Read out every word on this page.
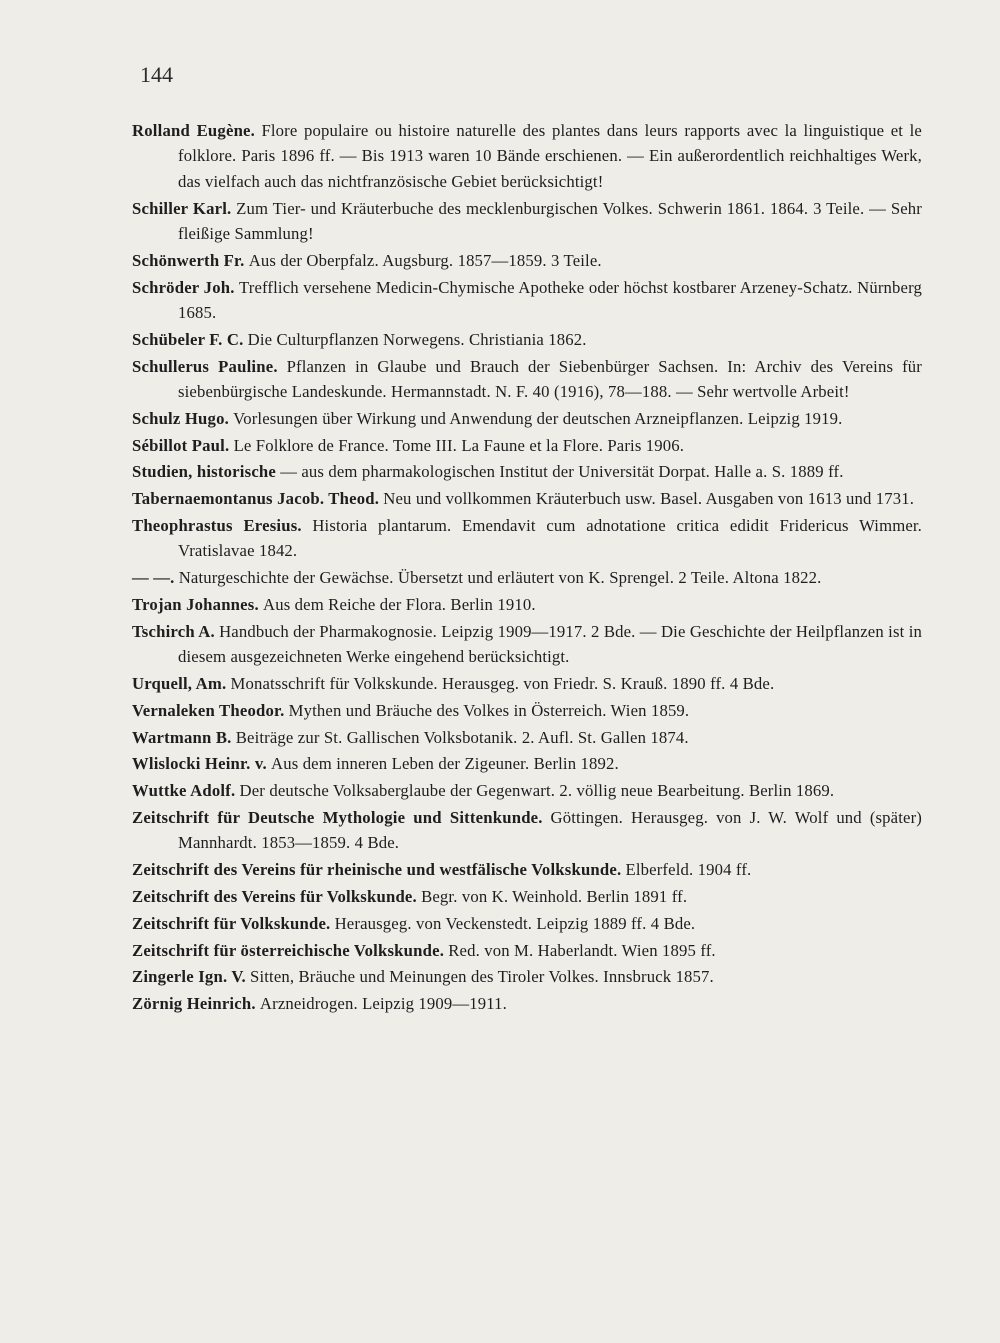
144

Rolland Eugène. Flore populaire ou histoire naturelle des plantes dans leurs rapports avec la linguistique et le folklore. Paris 1896 ff. — Bis 1913 waren 10 Bände erschienen. — Ein außerordentlich reichhaltiges Werk, das vielfach auch das nichtfranzösische Gebiet berücksichtigt!

Schiller Karl. Zum Tier- und Kräuterbuche des mecklenburgischen Volkes. Schwerin 1861. 1864. 3 Teile. — Sehr fleißige Sammlung!

Schönwerth Fr. Aus der Oberpfalz. Augsburg. 1857—1859. 3 Teile.

Schröder Joh. Trefflich versehene Medicin-Chymische Apotheke oder höchst kostbarer Arzeney-Schatz. Nürnberg 1685.

Schübeler F. C. Die Culturpflanzen Norwegens. Christiania 1862.

Schullerus Pauline. Pflanzen in Glaube und Brauch der Siebenbürger Sachsen. In: Archiv des Vereins für siebenbürgische Landeskunde. Hermannstadt. N. F. 40 (1916), 78—188. — Sehr wertvolle Arbeit!

Schulz Hugo. Vorlesungen über Wirkung und Anwendung der deutschen Arzneipflanzen. Leipzig 1919.

Sébillot Paul. Le Folklore de France. Tome III. La Faune et la Flore. Paris 1906.

Studien, historische — aus dem pharmakologischen Institut der Universität Dorpat. Halle a. S. 1889 ff.

Tabernaemontanus Jacob. Theod. Neu und vollkommen Kräuterbuch usw. Basel. Ausgaben von 1613 und 1731.

Theophrastus Eresius. Historia plantarum. Emendavit cum adnotatione critica edidit Fridericus Wimmer. Vratislavae 1842.

— —. Naturgeschichte der Gewächse. Übersetzt und erläutert von K. Sprengel. 2 Teile. Altona 1822.

Trojan Johannes. Aus dem Reiche der Flora. Berlin 1910.

Tschirch A. Handbuch der Pharmakognosie. Leipzig 1909—1917. 2 Bde. — Die Geschichte der Heilpflanzen ist in diesem ausgezeichneten Werke eingehend berücksichtigt.

Urquell, Am. Monatsschrift für Volkskunde. Herausgeg. von Friedr. S. Krauß. 1890 ff. 4 Bde.

Vernaleken Theodor. Mythen und Bräuche des Volkes in Österreich. Wien 1859.

Wartmann B. Beiträge zur St. Gallischen Volksbotanik. 2. Aufl. St. Gallen 1874.

Wlislocki Heinr. v. Aus dem inneren Leben der Zigeuner. Berlin 1892.

Wuttke Adolf. Der deutsche Volksaberglaube der Gegenwart. 2. völlig neue Bearbeitung. Berlin 1869.

Zeitschrift für Deutsche Mythologie und Sittenkunde. Göttingen. Herausgeg. von J. W. Wolf und (später) Mannhardt. 1853—1859. 4 Bde.

Zeitschrift des Vereins für rheinische und westfälische Volkskunde. Elberfeld. 1904 ff.

Zeitschrift des Vereins für Volkskunde. Begr. von K. Weinhold. Berlin 1891 ff.

Zeitschrift für Volkskunde. Herausgeg. von Veckenstedt. Leipzig 1889 ff. 4 Bde.

Zeitschrift für österreichische Volkskunde. Red. von M. Haberlandt. Wien 1895 ff.

Zingerle Ign. V. Sitten, Bräuche und Meinungen des Tiroler Volkes. Innsbruck 1857.

Zörnig Heinrich. Arzneidrogen. Leipzig 1909—1911.
